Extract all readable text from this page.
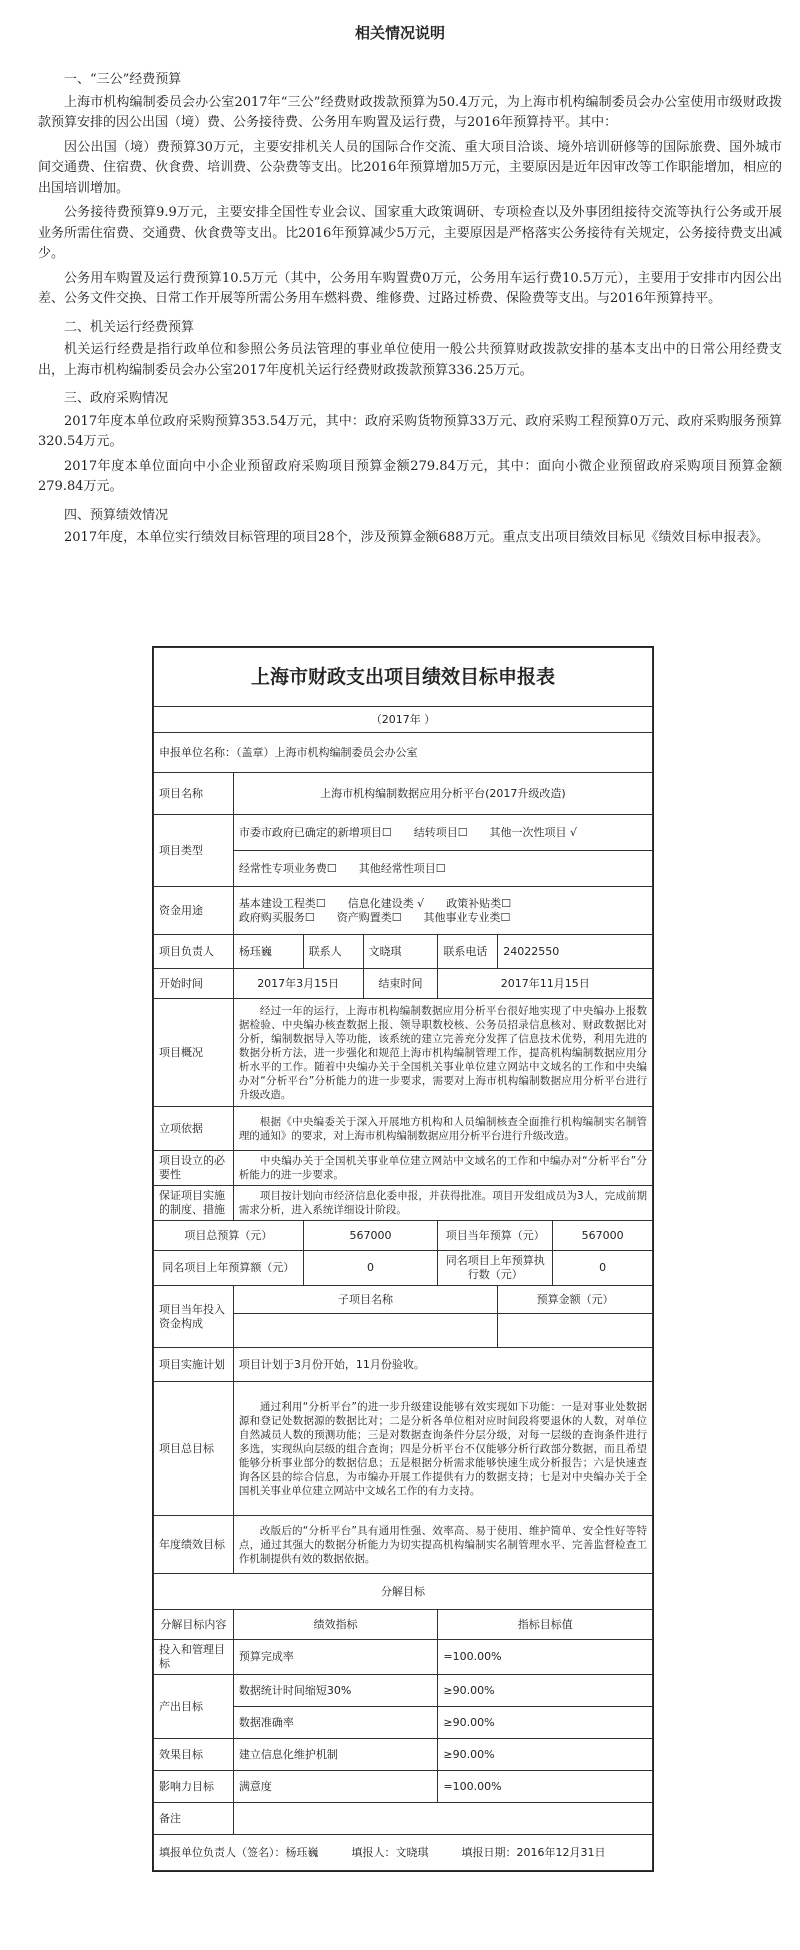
相关情况说明
一、“三公”经费预算

上海市机构编制委员会办公室2017年“三公”经费财政拨款预算为50.4万元，为上海市机构编制委员会办公室使用市级财政拨款预算安排的因公出国（境）费、公务接待费、公务用车购置及运行费，与2016年预算持平。其中：

因公出国（境）费预算30万元，主要安排机关人员的国际合作交流、重大项目洽谈、境外培训研修等的国际旅费、国外城市间交通费、住宿费、伙食费、培训费、公杂费等支出。比2016年预算增加5万元，主要原因是近年因审改等工作职能增加，相应的出国培训增加。

公务接待费预算9.9万元，主要安排全国性专业会议、国家重大政策调研、专项检查以及外事团组接待交流等执行公务或开展业务所需住宿费、交通费、伙食费等支出。比2016年预算减少5万元，主要原因是严格落实公务接待有关规定，公务接待费支出减少。

公务用车购置及运行费预算10.5万元（其中，公务用车购置费0万元，公务用车运行费10.5万元），主要用于安排市内因公出差、公务文件交换、日常工作开展等所需公务用车燃料费、维修费、过路过桥费、保险费等支出。与2016年预算持平。

二、机关运行经费预算

机关运行经费是指行政单位和参照公务员法管理的事业单位使用一般公共预算财政拨款安排的基本支出中的日常公用经费支出，上海市机构编制委员会办公室2017年度机关运行经费财政拨款预算336.25万元。

三、政府采购情况

2017年度本单位政府采购预算353.54万元，其中：政府采购货物预算33万元、政府采购工程预算0万元、政府采购服务预算320.54万元。

2017年度本单位面向中小企业预留政府采购项目预算金额279.84万元，其中：面向小微企业预留政府采购项目预算金额279.84万元。

四、预算绩效情况

2017年度，本单位实行绩效目标管理的项目28个，涉及预算金额688万元。重点支出项目绩效目标见《绩效目标申报表》。

上海市财政支出项目绩效目标申报表						
（2017年 ）						
申报单位名称：（盖章）上海市机构编制委员会办公室						
项目名称	上海市机构编制数据应用分析平台(2017升级改造)					
项目类型	市委市政府已确定的新增项目☐　　结转项目☐　　其他一次性项目 √					
	经常性专项业务费☐　　其他经常性项目☐					
资金用途	基本建设工程类☐　　信息化建设类 √　　政策补贴类☐
政府购买服务☐　　资产购置类☐　　其他事业专业类☐					

项目负责人	杨珏巍	联系人	文晓琪	联系电话	24022550	
开始时间	2017年3月15日		结束时间	2017年11月15日		
项目概况	经过一年的运行，上海市机构编制数据应用分析平台很好地实现了中央编办上报数据检验、中央编办核查数据上报、领导职数校核、公务员招录信息核对、财政数据比对分析，编制数据导入等功能，该系统的建立完善充分发挥了信息技术优势，利用先进的数据分析方法，进一步强化和规范上海市机构编制管理工作，提高机构编制数据应用分析水平的工作。随着中央编办关于全国机关事业单位建立网站中文域名的工作和中央编办对“分析平台”分析能力的进一步要求，需要对上海市机构编制数据应用分析平台进行升级改造。					
立项依据	根据《中央编委关于深入开展地方机构和人员编制核查全面推行机构编制实名制管理的通知》的要求，对上海市机构编制数据应用分析平台进行升级改造。					
项目设立的必要性	中央编办关于全国机关事业单位建立网站中文域名的工作和中编办对“分析平台”分析能力的进一步要求。					
保证项目实施的制度、措施	项目按计划向市经济信息化委申报，并获得批准。项目开发组成员为3人，完成前期需求分析，进入系统详细设计阶段。					
项目总预算（元）		567000		项目当年预算（元）		567000
同名项目上年预算额（元）		0		同名项目上年预算执行数（元）		0
项目当年投入资金构成	子项目名称				预算金额（元）	

项目实施计划	项目计划于3月份开始，11月份验收。					
项目总目标	通过利用“分析平台”的进一步升级建设能够有效实现如下功能：一是对事业处数据源和登记处数据源的数据比对；二是分析各单位相对应时间段将要退休的人数，对单位自然减员人数的预测功能；三是对数据查询条件分层分级，对每一层级的查询条件进行多选，实现纵向层级的组合查询；四是分析平台不仅能够分析行政部分数据，而且希望能够分析事业部分的数据信息；五是根据分析需求能够快速生成分析报告；六是快速查询各区县的综合信息，为市编办开展工作提供有力的数据支持；七是对中央编办关于全国机关事业单位建立网站中文域名工作的有力支持。					
年度绩效目标	改版后的“分析平台”具有通用性强、效率高、易于使用、维护简单、安全性好等特点，通过其强大的数据分析能力为切实提高机构编制实名制管理水平、完善监督检查工作机制提供有效的数据依据。					
分解目标						
分解目标内容	绩效指标			指标目标值		
投入和管理目标	预算完成率			=100.00%		
产出目标	数据统计时间缩短30%			≥90.00%		
	数据准确率			≥90.00%		
效果目标	建立信息化维护机制			≥90.00%		
影响力目标	满意度			=100.00%		
备注						
填报单位负责人（签名）：杨珏巍　　　填报人：文晓琪　　　填报日期：2016年12月31日						
